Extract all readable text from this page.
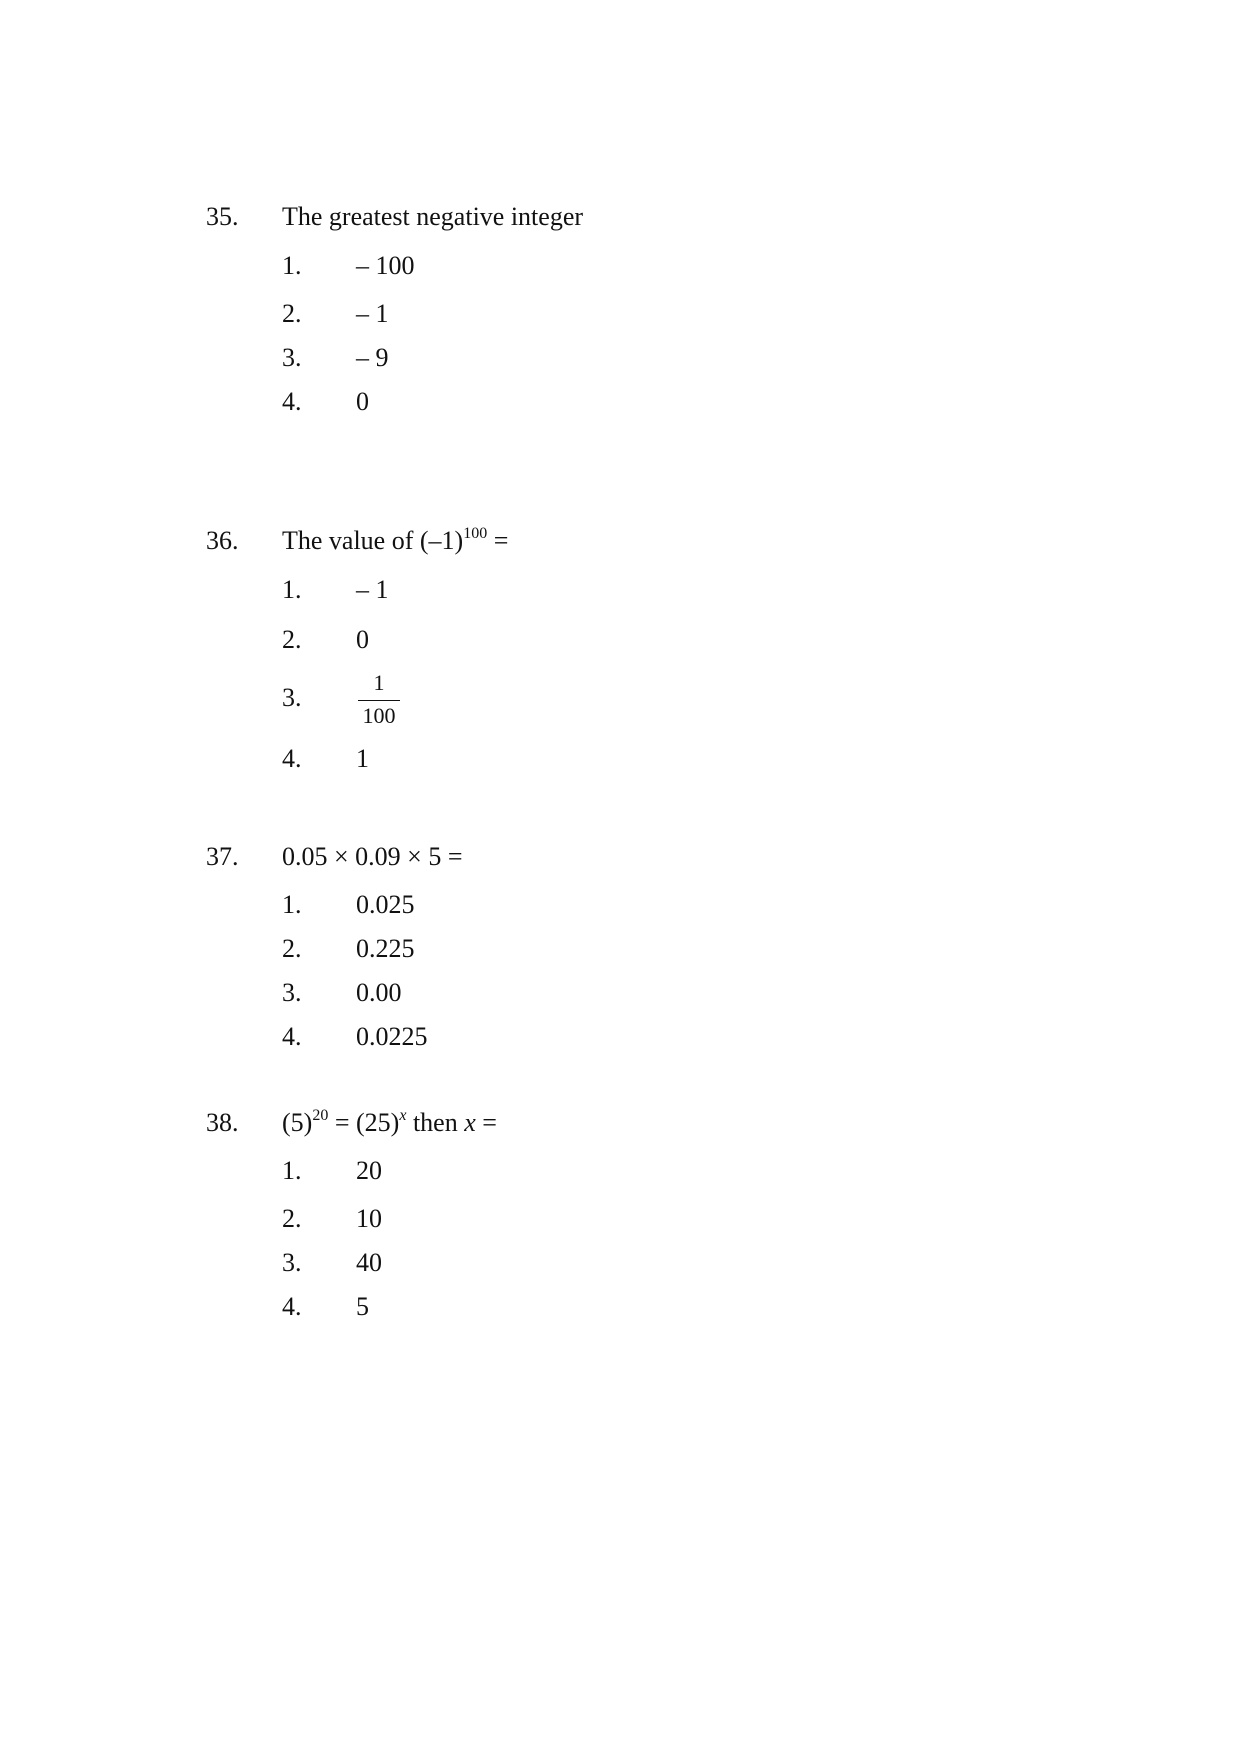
35. The greatest negative integer
1. – 100
2. – 1
3. – 9
4. 0
36. The value of $(-1)^{100}$ =
1. – 1
2. 0
3.
1
100
4. 1
37. 0.05 × 0.09 × 5 =
1. 0.025
2. 0.225
3. 0.00
4. 0.0225
38. $(5)^{20} = (25)^x$ then x =
1. 20
2. 10
3. 40
4. 5
